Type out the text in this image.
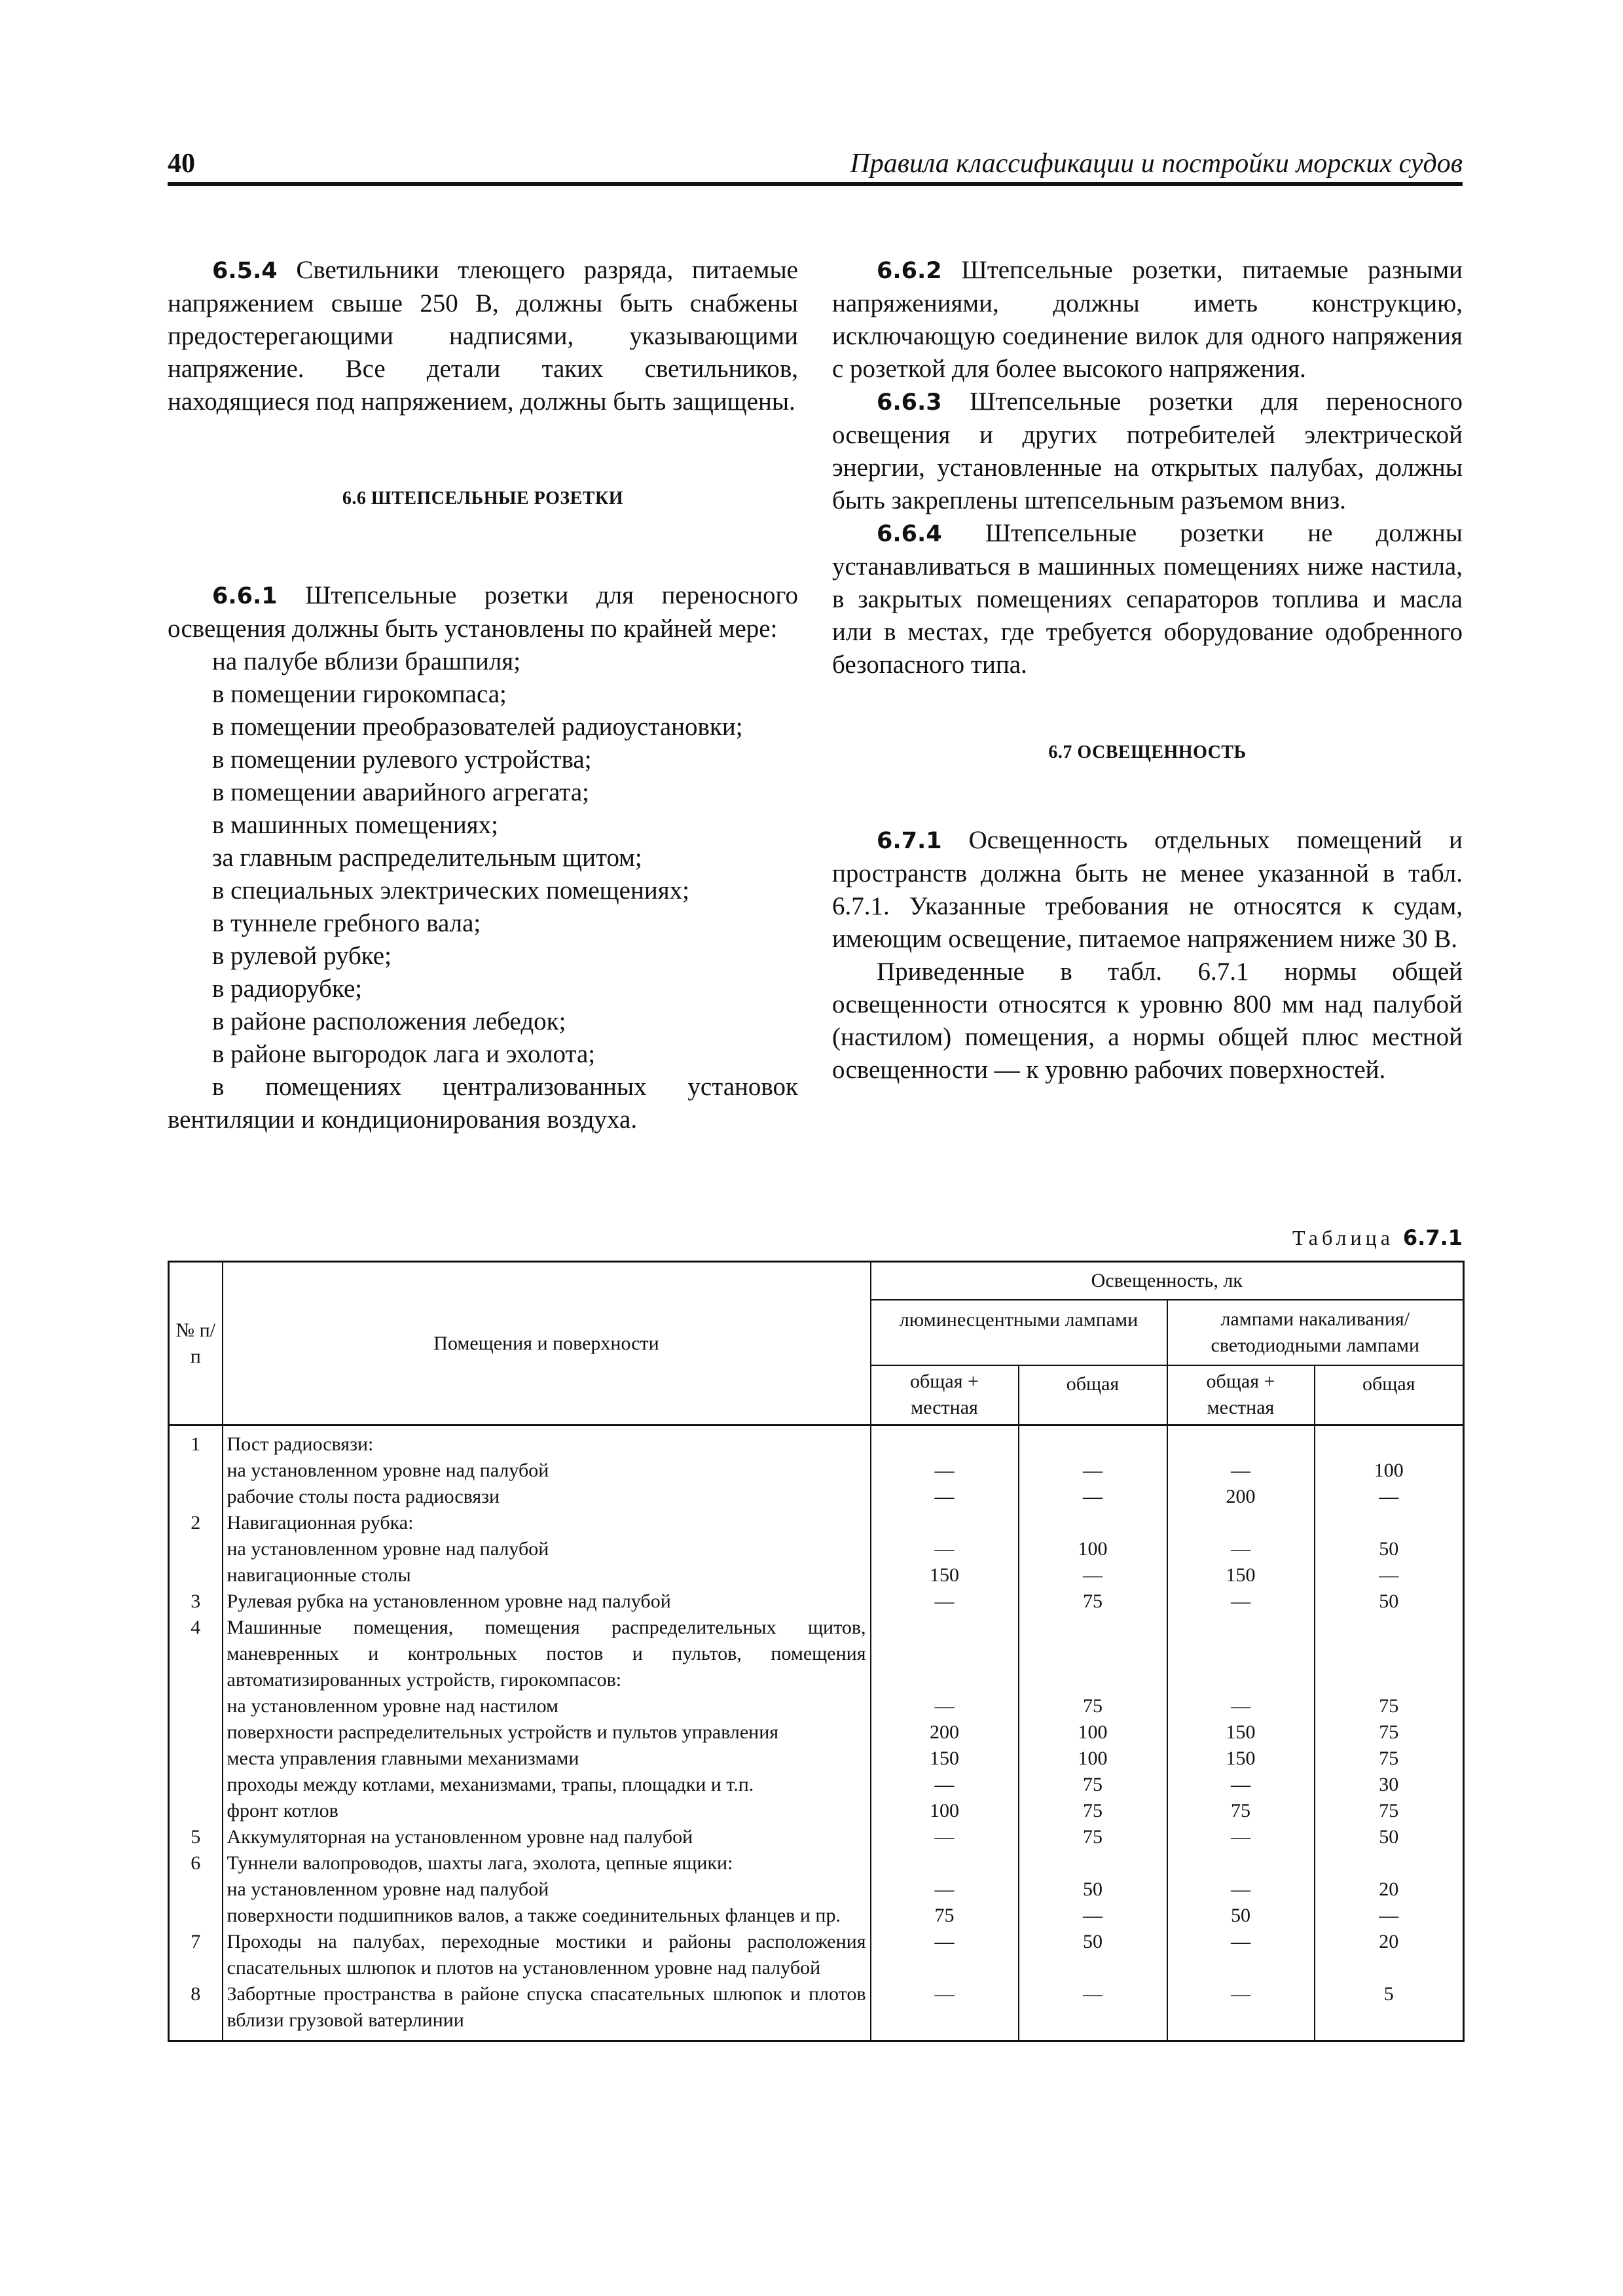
40	Правила классификации и постройки морских судов

6.5.4 Светильники тлеющего разряда, питаемые напряжением свыше 250 В, должны быть снабжены предостерегающими надписями, указывающими напряжение. Все детали таких светильников, находящиеся под напряжением, должны быть защищены.

6.6 ШТЕПСЕЛЬНЫЕ РОЗЕТКИ

6.6.1 Штепсельные розетки для переносного освещения должны быть установлены по крайней мере:

на палубе вблизи брашпиля;

в помещении гирокомпаса;

в помещении преобразователей радиоустановки;

в помещении рулевого устройства;

в помещении аварийного агрегата;

в машинных помещениях;

за главным распределительным щитом;

в специальных электрических помещениях;

в туннеле гребного вала;

в рулевой рубке;

в радиорубке;

в районе расположения лебедок;

в районе выгородок лага и эхолота;

в помещениях централизованных установок вентиляции и кондиционирования воздуха.

6.6.2 Штепсельные розетки, питаемые разными напряжениями, должны иметь конструкцию, исключающую соединение вилок для одного напряжения с розеткой для более высокого напряжения.

6.6.3 Штепсельные розетки для переносного освещения и других потребителей электрической энергии, установленные на открытых палубах, должны быть закреплены штепсельным разъемом вниз.

6.6.4 Штепсельные розетки не должны устанавливаться в машинных помещениях ниже настила, в закрытых помещениях сепараторов топлива и масла или в местах, где требуется оборудование одобренного безопасного типа.

6.7 ОСВЕЩЕННОСТЬ

6.7.1 Освещенность отдельных помещений и пространств должна быть не менее указанной в табл. 6.7.1. Указанные требования не относятся к судам, имеющим освещение, питаемое напряжением ниже 30 В.

Приведенные в табл. 6.7.1 нормы общей освещенности относятся к уровню 800 мм над палубой (настилом) помещения, а нормы общей плюс местной освещенности — к уровню рабочих поверхностей.

Таблица 6.7.1
№ п/п	Помещения и поверхности	Освещенность, лк			
		люминесцентными лампами		лампами накаливания/ светодиодными лампами	
		общая + местная	общая	общая + местная	общая
1	Пост радиосвязи:				
	на установленном уровне над палубой	—	—	—	100
	рабочие столы поста радиосвязи	—	—	200	—
2	Навигационная рубка:				
	на установленном уровне над палубой	—	100	—	50
	навигационные столы	150	—	150	—
3	Рулевая рубка на установленном уровне над палубой	—	75	—	50
4	Машинные помещения, помещения распределительных щитов, маневренных и контрольных постов и пультов, помещения автоматизированных устройств, гирокомпасов:				
	на установленном уровне над настилом	—	75	—	75
	поверхности распределительных устройств и пультов управления	200	100	150	75
	места управления главными механизмами	150	100	150	75
	проходы между котлами, механизмами, трапы, площадки и т.п.	—	75	—	30
	фронт котлов	100	75	75	75
5	Аккумуляторная на установленном уровне над палубой	—	75	—	50
6	Туннели валопроводов, шахты лага, эхолота, цепные ящики:				
	на установленном уровне над палубой	—	50	—	20
	поверхности подшипников валов, а также соединительных фланцев и пр.	75	—	50	—
7	Проходы на палубах, переходные мостики и районы расположения спасательных шлюпок и плотов на установленном уровне над палубой	—	50	—	20
8	Забортные пространства в районе спуска спасательных шлюпок и плотов вблизи грузовой ватерлинии	—	—	—	5
